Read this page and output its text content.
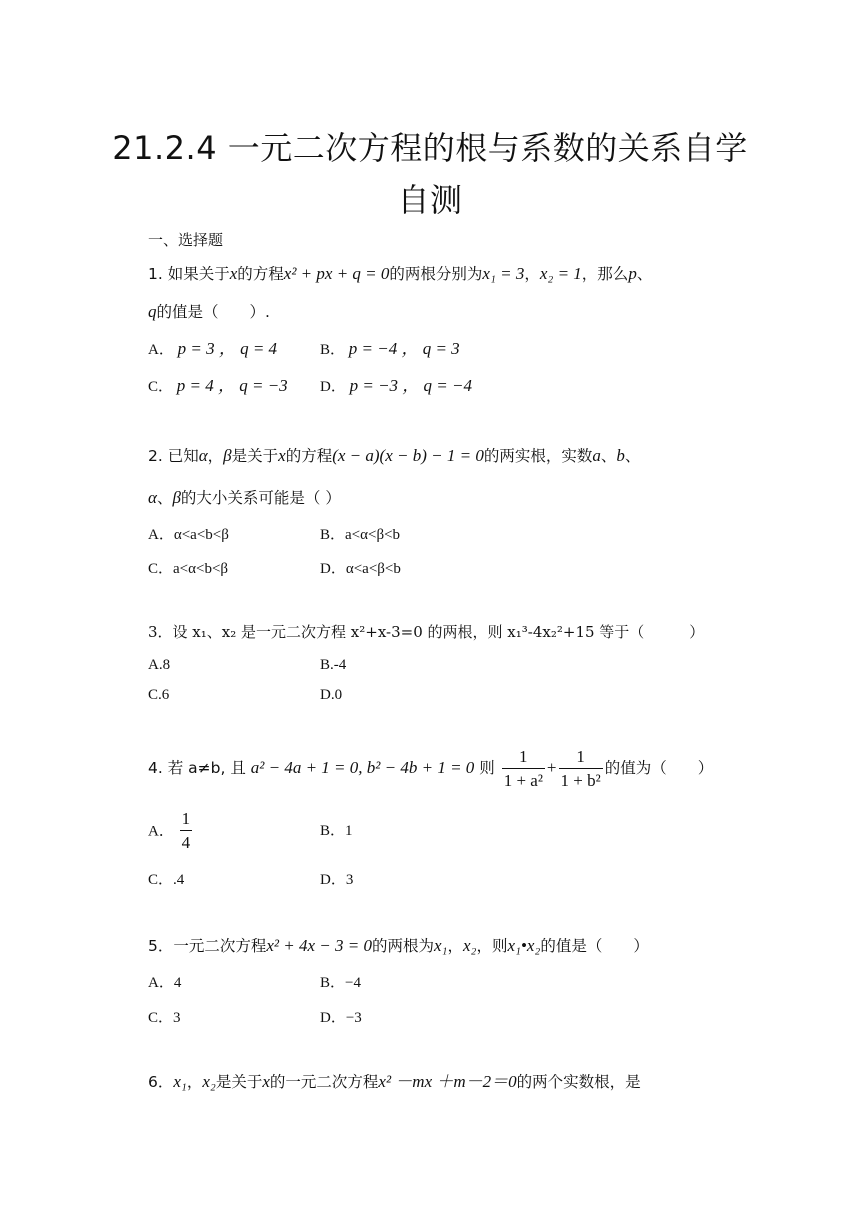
21.2.4 一元二次方程的根与系数的关系自学
自测
一、选择题
1. 如果关于x的方程x² + px + q = 0的两根分别为x₁ = 3，x₂ = 1，那么p、
q的值是（　　）.
A． p = 3 ， q = 4	B． p = −4 ， q = 3
C． p = 4 ， q = −3 D． p = −3 ， q = −4
2. 已知α，β是关于x的方程(x − a)(x − b) − 1 = 0的两实根，实数a、b、
α、β的大小关系可能是（ ）
A．α<a<b<β	B．a<α<β<b
C．a<α<b<β	D．α<a<β<b
3．设 x₁、x₂ 是一元二次方程 x²+x-3=0 的两根，则 x₁³-4x₂²+15 等于（　　　）
A.8	B.-4
C.6	D.0
4. 若 a≠b, 且 a² − 4a + 1 = 0, b² − 4b + 1 = 0 则 $\frac{1}{\text{1 + a²}} + \frac{1}{\text{1 + b²}}$ 的值为（　　）
A． $\frac{1}{4}$	B．1
C．.4	D．3
5．一元二次方程x² + 4x − 3 = 0的两根为x₁，x₂，则x₁•x₂的值是（　　）
A．4	B．−4
C．3	D．−3
6．x₁，x₂是关于x的一元二次方程x² －mx ＋m－2＝0的两个实数根，是
